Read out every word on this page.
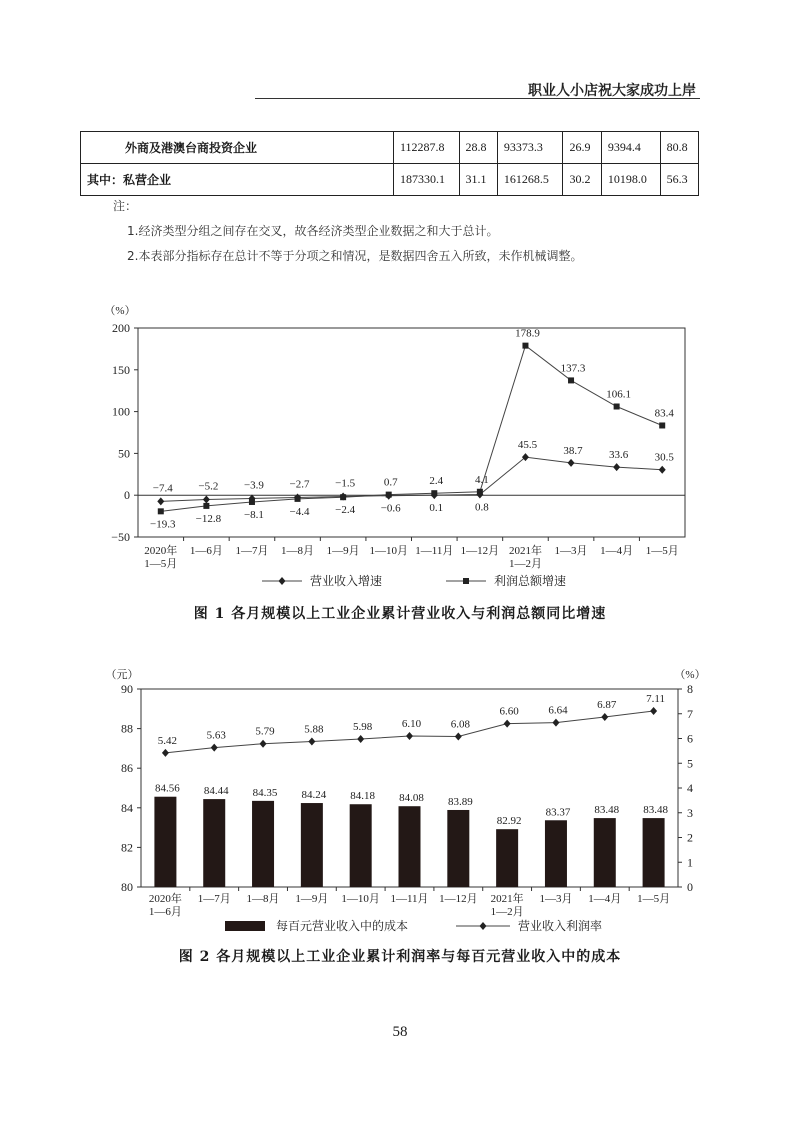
职业人小店祝大家成功上岸
外商及港澳台商投资企业	112287.8	28.8	93373.3	26.9	9394.4	80.8
其中：私营企业	187330.1	31.1	161268.5	30.2	10198.0	56.3
注：
1.经济类型分组之间存在交叉，故各经济类型企业数据之和大于总计。
2.本表部分指标存在总计不等于分项之和情况，是数据四舍五入所致，未作机械调整。
（%）
200
150
100
50
0
−50
2020年 1—5月
1—6月 1—7月 1—8月 1—9月 1—10月 1—11月 1—12月 2021年 1—2月
1—3月 1—4月 1—5月
−7.4 −5.2 −3.9 −2.7 −1.5
−0.6	0.1	0.8
45.5 38.7 33.6 30.5
−19.3 −12.8 −8.1 −4.4 −2.4
0.7	2.4	4.1
178.9
137.3
106.1
83.4
营业收入增速	利润总额增速
图 1 各月规模以上工业企业累计营业收入与利润总额同比增速
（元）	（%）
90
88
86
84
82
80
8
7
6
5
4
3
2
1
0
2020年 1—6月
1—7月 1—8月 1—9月 1—10月 1—11月 1—12月 2021年 1—2月
1—3月 1—4月 1—5月
84.56 84.44 84.35 84.24 84.18 84.08 83.89
82.92
83.37 83.48 83.48
5.42	5.63	5.79	5.88	5.98	6.10	6.08
6.60	6.64	6.87	7.11
每百元营业收入中的成本	营业收入利润率
图 2 各月规模以上工业企业累计利润率与每百元营业收入中的成本
58
